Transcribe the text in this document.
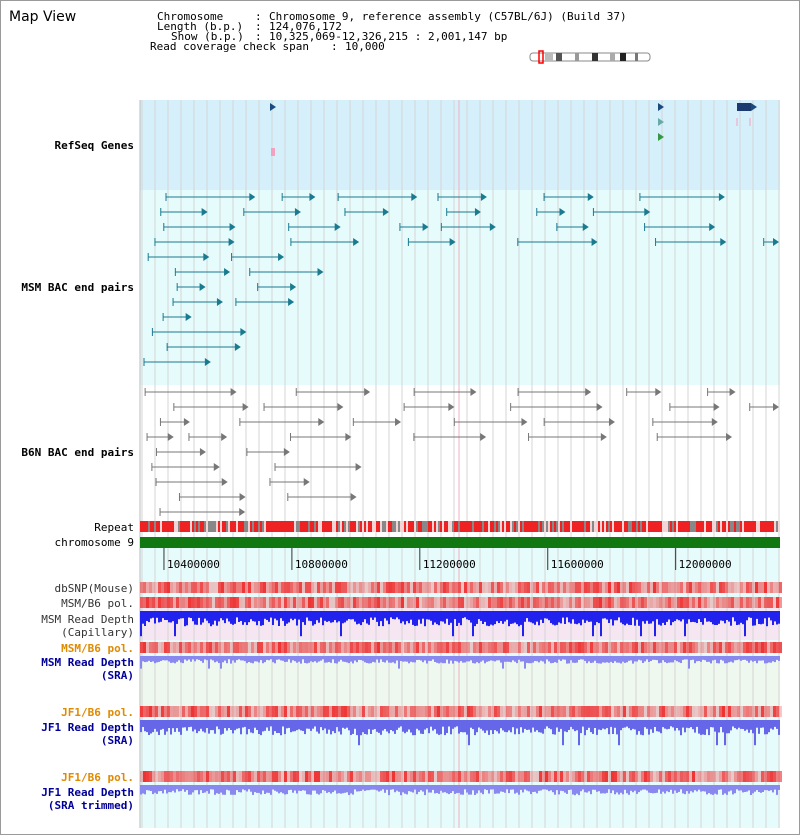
Map View	Chromosome	: Chromosome 9, reference assembly (C57BL/6J) (Build 37)
Length (b.p.) : 124,076,172
Show (b.p.) : 10,325,069-12,326,215 : 2,001,147 bp
Read coverage check span : 10,000
RefSeq Genes
MSM BAC end pairs
B6N BAC end pairs
Repeat
chromosome 9
dbSNP(Mouse)
MSM/B6 pol.
MSM Read Depth
(Capillary)
MSM/B6 pol.
MSM Read Depth
(SRA)
JF1/B6 pol.
JF1 Read Depth
(SRA)
JF1/B6 pol.
JF1 Read Depth
(SRA trimmed)
10400000	10800000	11200000	11600000	12000000
